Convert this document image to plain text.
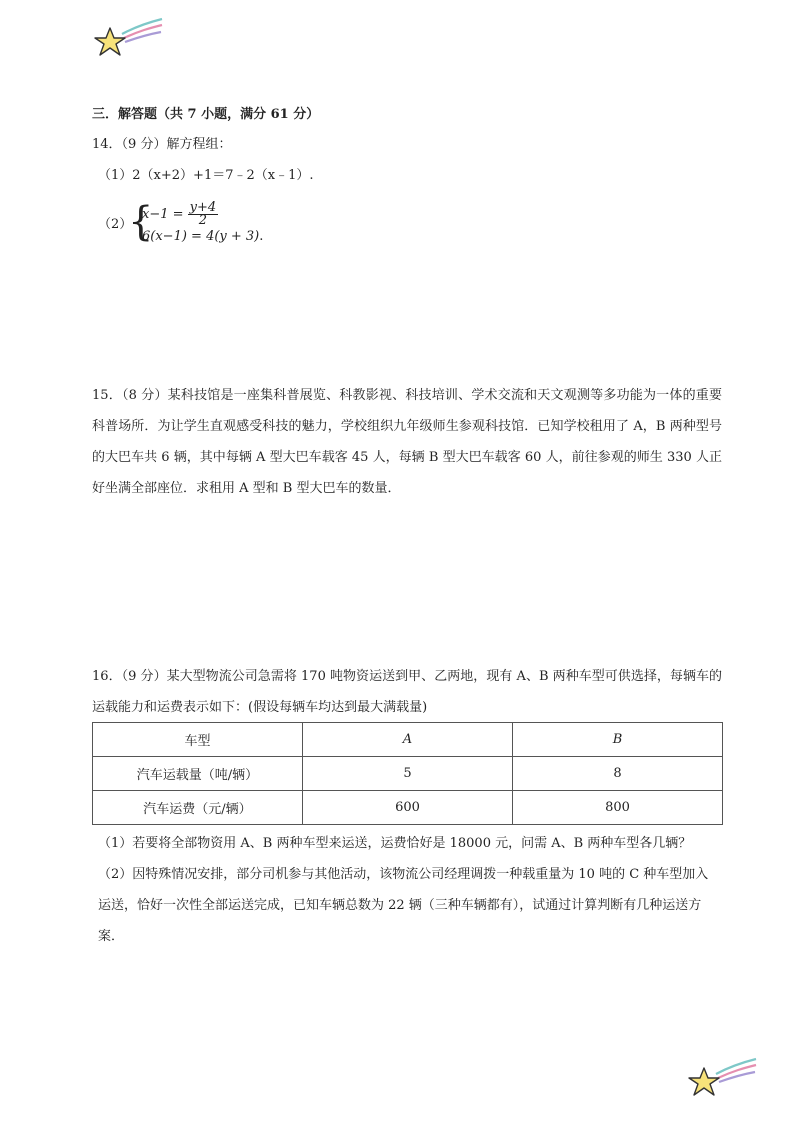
三．解答题（共 7 小题，满分 61 分）
14．（9 分）解方程组：
（1）2（x+2）+1＝7﹣2（x﹣1）.
（2）
{
$x-1 = \frac{y+4}{2}$
6(x−1) = 4(y + 3).
15．（8 分）某科技馆是一座集科普展览、科教影视、科技培训、学术交流和天文观测等多功能为一体的重要科普场所．为让学生直观感受科技的魅力，学校组织九年级师生参观科技馆．已知学校租用了 A，B 两种型号的大巴车共 6 辆，其中每辆 A 型大巴车载客 45 人，每辆 B 型大巴车载客 60 人，前往参观的师生 330 人正好坐满全部座位．求租用 A 型和 B 型大巴车的数量．
16．（9 分）某大型物流公司急需将 170 吨物资运送到甲、乙两地，现有 A、B 两种车型可供选择，每辆车的运载能力和运费表示如下：(假设每辆车均达到最大满载量)
车型	A	B
汽车运载量（吨/辆）	5	8
汽车运费（元/辆）	600	800
（1）若要将全部物资用 A、B 两种车型来运送，运费恰好是 18000 元，问需 A、B 两种车型各几辆？
（2）因特殊情况安排，部分司机参与其他活动，该物流公司经理调拨一种载重量为 10 吨的 C 种车型加入运送，恰好一次性全部运送完成，已知车辆总数为 22 辆（三种车辆都有），试通过计算判断有几种运送方案．
